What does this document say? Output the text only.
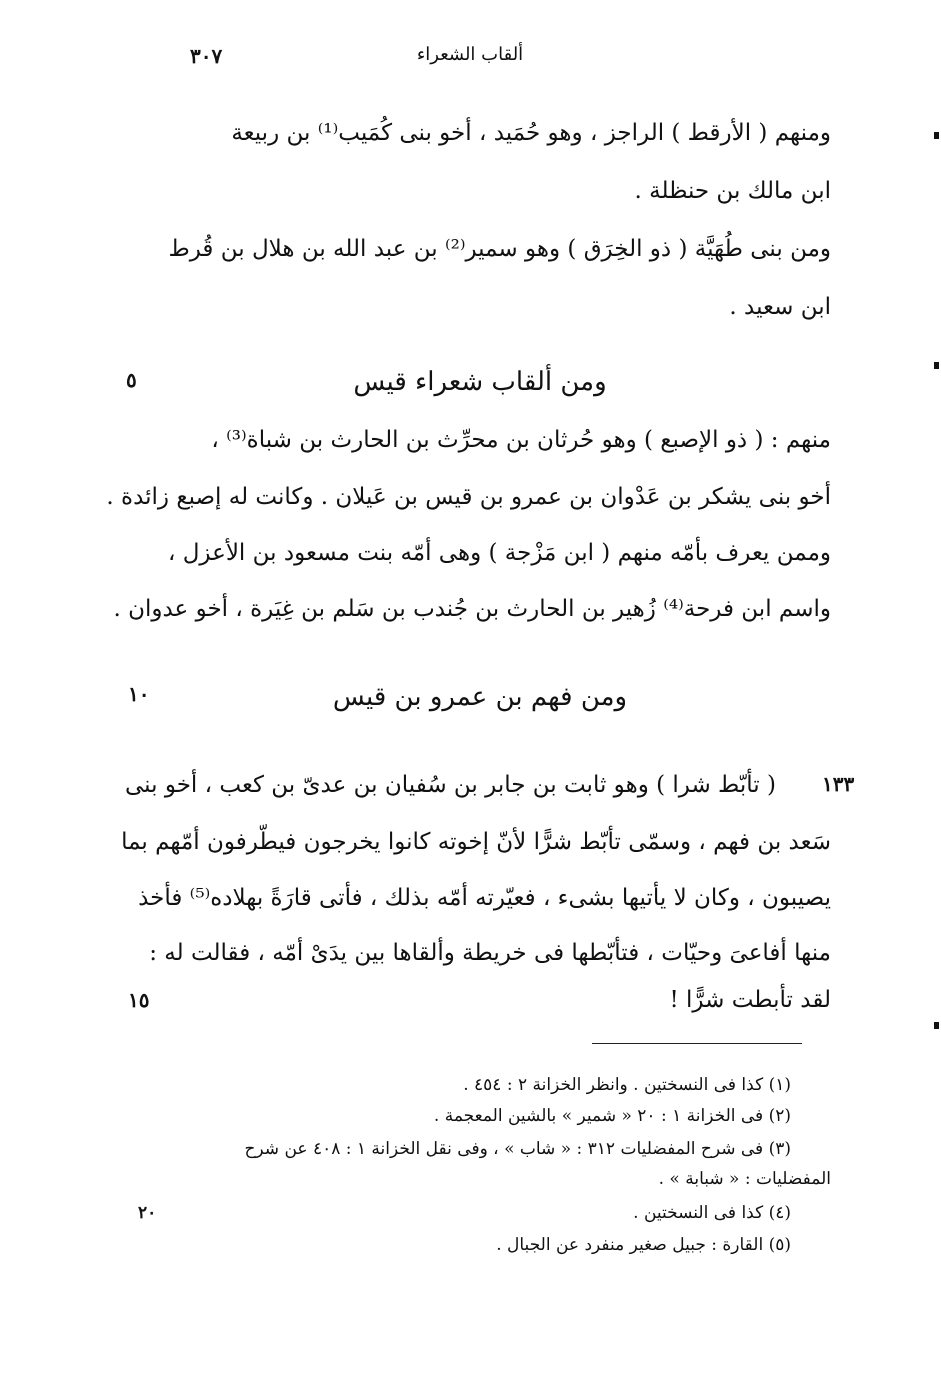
ألقاب الشعراء
٣٠٧
ومنهم ( الأرقط ) الراجز ، وهو حُمَيد ، أخو بنى كُمَيب⁽¹⁾ بن ربيعة
ابن مالك بن حنظلة .
ومن بنى طُهَيَّة ( ذو الخِرَق ) وهو سمير⁽²⁾ بن عبد الله بن هلال بن قُرط
ابن سعيد .
ومن ألقاب شعراء قيس
٥
منهم : ( ذو الإصبع ) وهو حُرثان بن محرِّث بن الحارث بن شباة⁽³⁾ ،
أخو بنى يشكر بن عَدْوان بن عمرو بن قيس بن عَيلان . وكانت له إصبع زائدة .
وممن يعرف بأمّه منهم ( ابن مَزْجة ) وهى أمّه بنت مسعود بن الأعزل ،
واسم ابن فرحة⁽⁴⁾ زُهير بن الحارث بن جُندب بن سَلم بن غِيَرة ، أخو عدوان .
ومن فهم بن عمرو بن قيس
١٠
١٣٣
( تأبّط شرا ) وهو ثابت بن جابر بن سُفيان بن عدىّ بن كعب ، أخو بنى
سَعد بن فهم ، وسمّى تأبّط شرًّا لأنّ إخوته كانوا يخرجون فيطّرفون أمّهم بما
يصيبون ، وكان لا يأتيها بشىء ، فعيّرته أمّه بذلك ، فأتى قارَةً بهلاده⁽⁵⁾ فأخذ
منها أفاعىَ وحيّات ، فتأبّطها فى خريطة وألقاها بين يدَىْ أمّه ، فقالت له :
لقد تأبطت شرًّا !
١٥
(١) كذا فى النسختين . وانظر الخزانة ٢ : ٤٥٤ .
(٢) فى الخزانة ١ : ٢٠ « شمير » بالشين المعجمة .
(٣) فى شرح المفضليات ٣١٢ : « شاب » ، وفى نقل الخزانة ١ : ٤٠٨ عن شرح
المفضليات : « شبابة » .
(٤) كذا فى النسختين .
(٥) القارة : جبيل صغير منفرد عن الجبال .
٢٠
